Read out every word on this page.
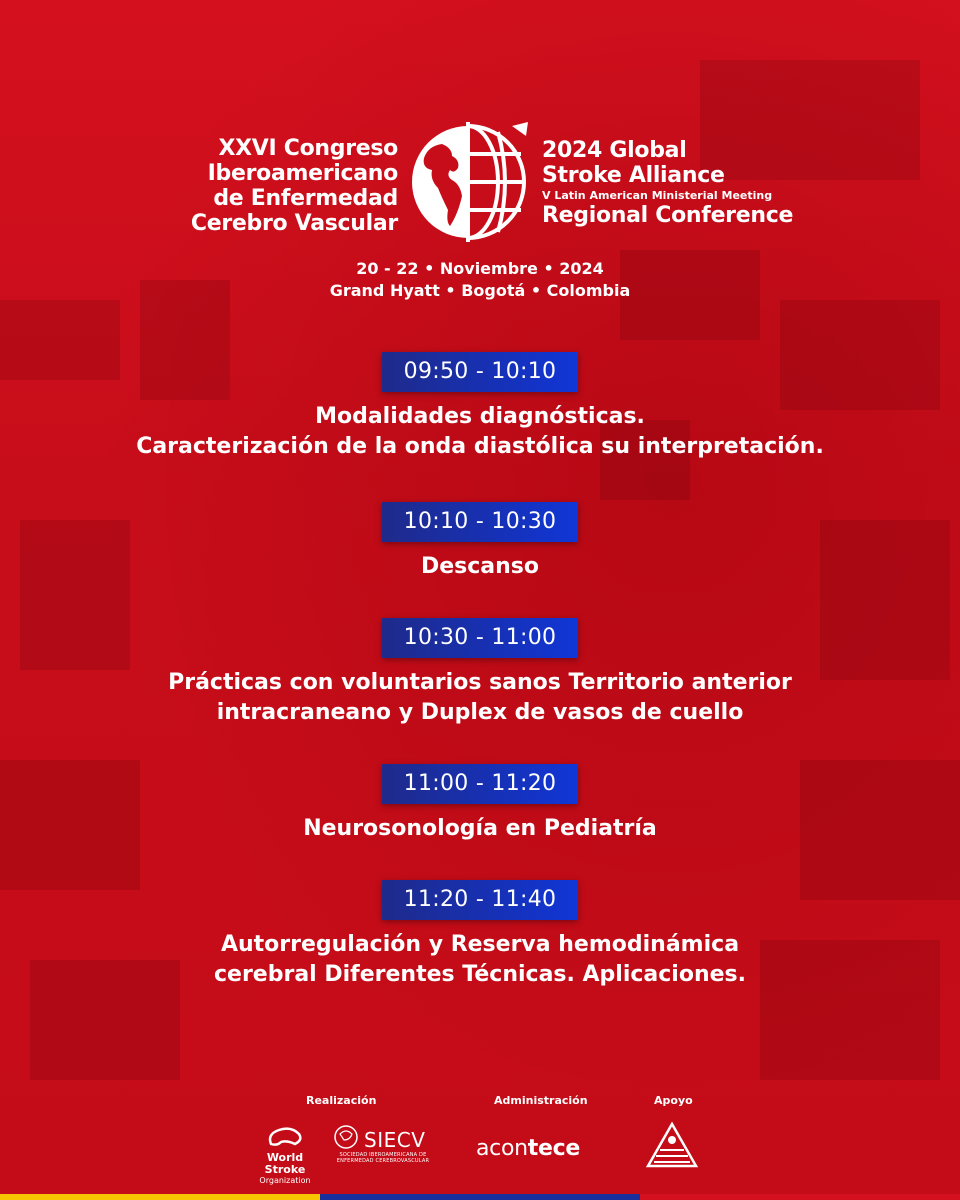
XXVI Congreso
Iberoamericano
de Enfermedad
Cerebro Vascular
2024 Global
Stroke Alliance
V Latin American Ministerial Meeting
Regional Conference
20 - 22 • Noviembre • 2024
Grand Hyatt • Bogotá • Colombia
09:50 - 10:10
Modalidades diagnósticas.
Caracterización de la onda diastólica su interpretación.
10:10 - 10:30
Descanso
10:30 - 11:00
Prácticas con voluntarios sanos Territorio anterior
intracraneano y Duplex de vasos de cuello
11:00 - 11:20
Neurosonología en Pediatría
11:20 - 11:40
Autorregulación y Reserva hemodinámica
cerebral Diferentes Técnicas. Aplicaciones.
Realización	Administración	Apoyo
World Stroke
Organization
SIECV
SOCIEDAD IBEROAMERICANA DE ENFERMEDAD CEREBROVASCULAR	acontece
